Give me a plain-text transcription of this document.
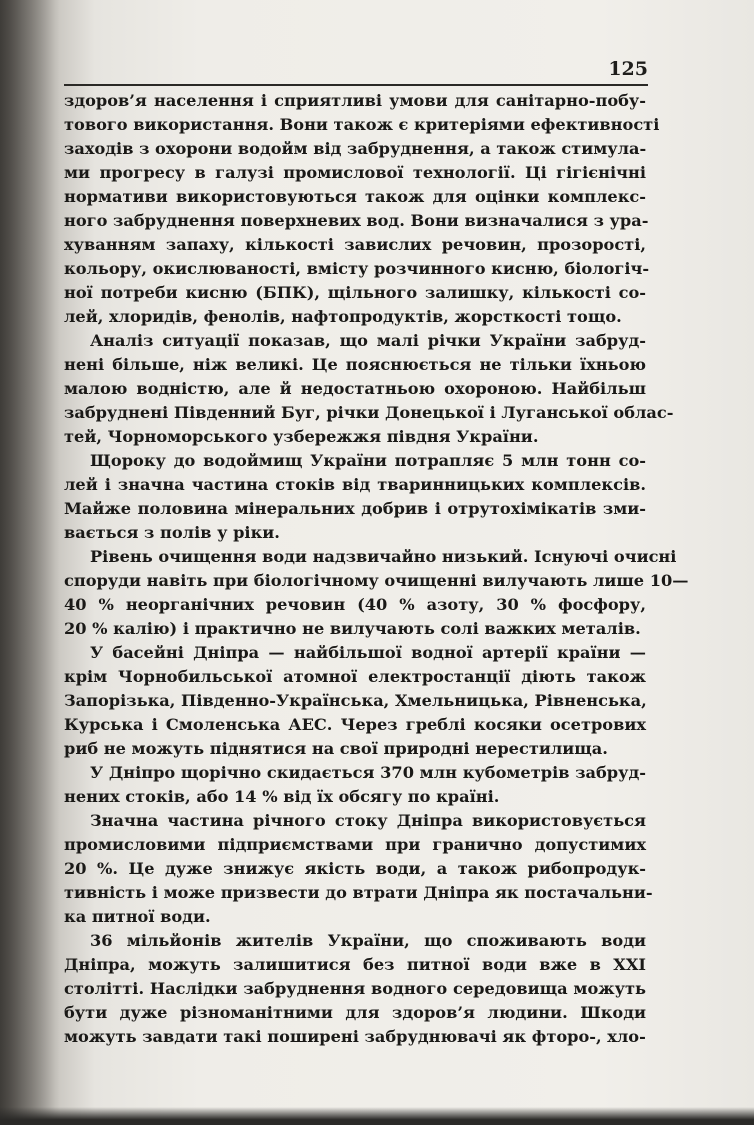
125

здоров’я населення і сприятливі умови для санітарно-побу-
тового використання. Вони також є критеріями ефективності
заходів з охорони водойм від забруднення, а також стимула-
ми прогресу в галузі промислової технології. Ці гігієнічні
нормативи використовуються також для оцінки комплекс-
ного забруднення поверхневих вод. Вони визначалися з ура-
хуванням запаху, кількості завислих речовин, прозорості,
кольору, окислюваності, вмісту розчинного кисню, біологіч-
ної потреби кисню (БПК), щільного залишку, кількості со-
лей, хлоридів, фенолів, нафтопродуктів, жорсткості тощо.

Аналіз ситуації показав, що малі річки України забруд-
нені більше, ніж великі. Це пояснюється не тільки їхньою
малою водністю, але й недостатньою охороною. Найбільш
забруднені Південний Буг, річки Донецької і Луганської облас-
тей, Чорноморського узбережжя півдня України.

Щороку до водоймищ України потрапляє 5 млн тонн со-
лей і значна частина стоків від тваринницьких комплексів.
Майже половина мінеральних добрив і отрутохімікатів зми-
вається з полів у ріки.

Рівень очищення води надзвичайно низький. Існуючі очисні
споруди навіть при біологічному очищенні вилучають лише 10—
40 % неорганічних речовин (40 % азоту, 30 % фосфору,
20 % калію) і практично не вилучають солі важких металів.

У басейні Дніпра — найбільшої водної артерії країни —
крім Чорнобильської атомної електростанції діють також
Запорізька, Південно-Українська, Хмельницька, Рівненська,
Курська і Смоленська АЕС. Через греблі косяки осетрових
риб не можуть піднятися на свої природні нерестилища.

У Дніпро щорічно скидається 370 млн кубометрів забруд-
нених стоків, або 14 % від їх обсягу по країні.

Значна частина річного стоку Дніпра використовується
промисловими підприємствами при гранично допустимих
20 %. Це дуже знижує якість води, а також рибопродук-
тивність і може призвести до втрати Дніпра як постачальни-
ка питної води.

36 мільйонів жителів України, що споживають води
Дніпра, можуть залишитися без питної води вже в XXI
столітті. Наслідки забруднення водного середовища можуть
бути дуже різноманітними для здоров’я людини. Шкоди
можуть завдати такі поширені забруднювачі як фторо-, хло-
